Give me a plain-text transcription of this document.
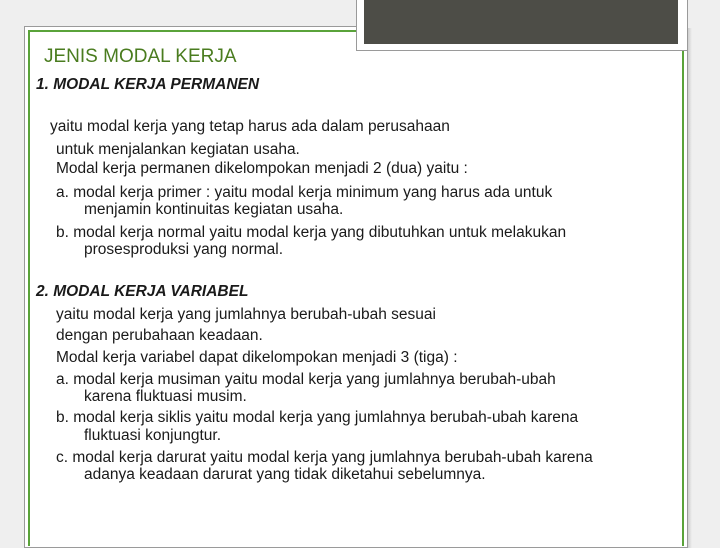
JENIS MODAL KERJA

1. MODAL KERJA PERMANEN

yaitu modal kerja yang tetap harus ada dalam perusahaan

untuk menjalankan kegiatan usaha.

Modal kerja permanen dikelompokan menjadi 2 (dua) yaitu :

a. modal kerja primer : yaitu modal kerja minimum yang harus ada untuk

menjamin kontinuitas kegiatan usaha.

b. modal kerja normal yaitu modal kerja yang dibutuhkan untuk melakukan

prosesproduksi yang normal.

2. MODAL KERJA VARIABEL

yaitu modal kerja yang jumlahnya berubah-ubah sesuai

dengan perubahaan keadaan.

Modal kerja variabel dapat dikelompokan menjadi 3 (tiga) :

a. modal kerja musiman yaitu modal kerja yang jumlahnya berubah-ubah

karena fluktuasi musim.

b. modal kerja siklis yaitu modal kerja yang jumlahnya berubah-ubah karena

fluktuasi konjungtur.

c. modal kerja darurat yaitu modal kerja yang jumlahnya berubah-ubah karena

adanya keadaan darurat yang tidak diketahui sebelumnya.
